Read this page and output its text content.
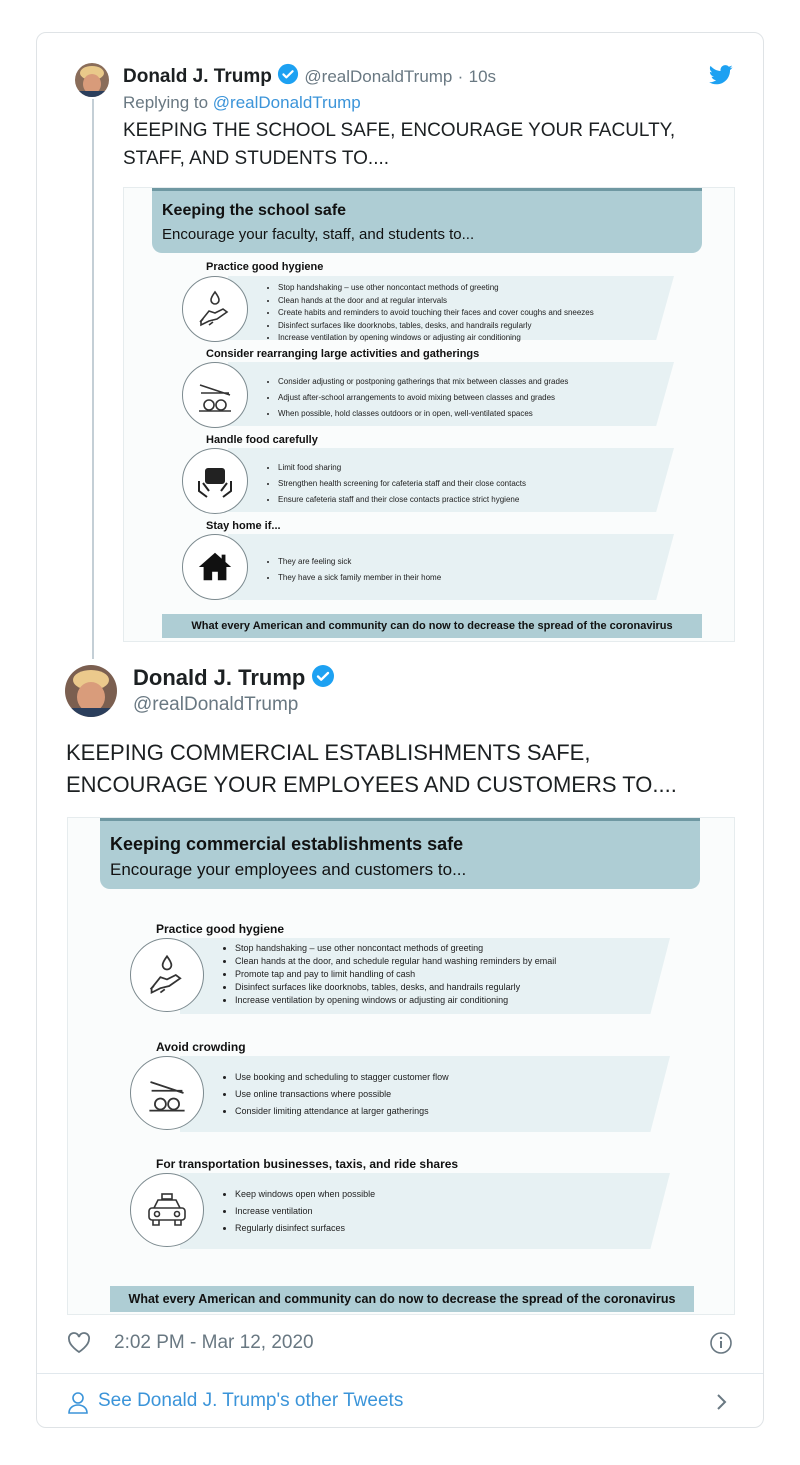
Donald J. Trump @realDonaldTrump · 10s
Replying to @realDonaldTrump
KEEPING THE SCHOOL SAFE, ENCOURAGE YOUR FACULTY,
STAFF, AND STUDENTS TO....
Keeping the school safe
Encourage your faculty, staff, and students to...
Practice good hygiene
• Stop handshaking – use other noncontact methods of greeting
• Clean hands at the door and at regular intervals
• Create habits and reminders to avoid touching their faces and cover coughs and sneezes
• Disinfect surfaces like doorknobs, tables, desks, and handrails regularly
• Increase ventilation by opening windows or adjusting air conditioning
Consider rearranging large activities and gatherings
• Consider adjusting or postponing gatherings that mix between classes and grades
• Adjust after-school arrangements to avoid mixing between classes and grades
• When possible, hold classes outdoors or in open, well-ventilated spaces
Handle food carefully
• Limit food sharing
• Strengthen health screening for cafeteria staff and their close contacts
• Ensure cafeteria staff and their close contacts practice strict hygiene
Stay home if...
• They are feeling sick
• They have a sick family member in their home
What every American and community can do now to decrease the spread of the coronavirus
Donald J. Trump
@realDonaldTrump
KEEPING COMMERCIAL ESTABLISHMENTS SAFE,
ENCOURAGE YOUR EMPLOYEES AND CUSTOMERS TO....
Keeping commercial establishments safe
Encourage your employees and customers to...
Practice good hygiene
• Stop handshaking – use other noncontact methods of greeting
• Clean hands at the door, and schedule regular hand washing reminders by email
• Promote tap and pay to limit handling of cash
• Disinfect surfaces like doorknobs, tables, desks, and handrails regularly
• Increase ventilation by opening windows or adjusting air conditioning
Avoid crowding
• Use booking and scheduling to stagger customer flow
• Use online transactions where possible
• Consider limiting attendance at larger gatherings
For transportation businesses, taxis, and ride shares
• Keep windows open when possible
• Increase ventilation
• Regularly disinfect surfaces
What every American and community can do now to decrease the spread of the coronavirus
2:02 PM - Mar 12, 2020
See Donald J. Trump's other Tweets
